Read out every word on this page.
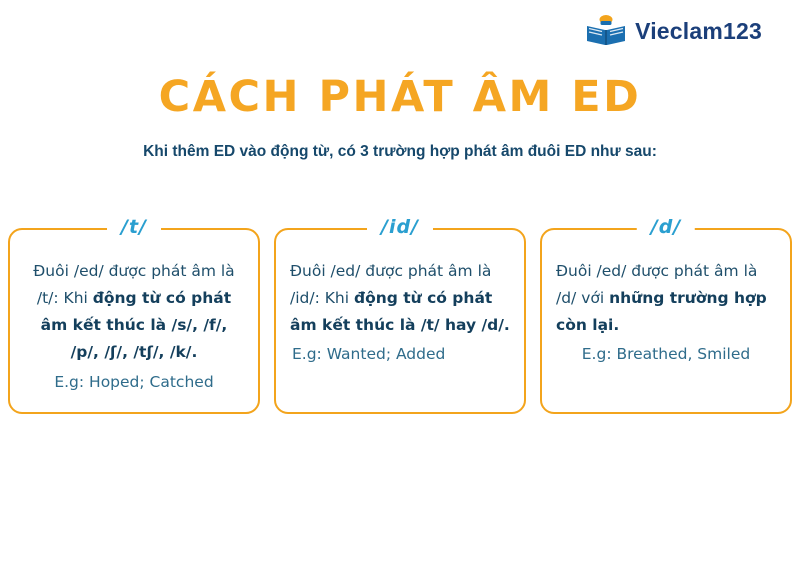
Vieclam123
CÁCH PHÁT ÂM ED
Khi thêm ED vào động từ, có 3 trường hợp phát âm đuôi ED như sau:
/t/
Đuôi /ed/ được phát âm là /t/: Khi động từ có phát âm kết thúc là /s/, /f/, /p/, /ʃ/, /tʃ/, /k/.
E.g: Hoped; Catched
/id/
Đuôi /ed/ được phát âm là /id/: Khi động từ có phát âm kết thúc là /t/ hay /d/.
E.g: Wanted; Added
/d/
Đuôi /ed/ được phát âm là /d/ với những trường hợp còn lại.
E.g: Breathed, Smiled
